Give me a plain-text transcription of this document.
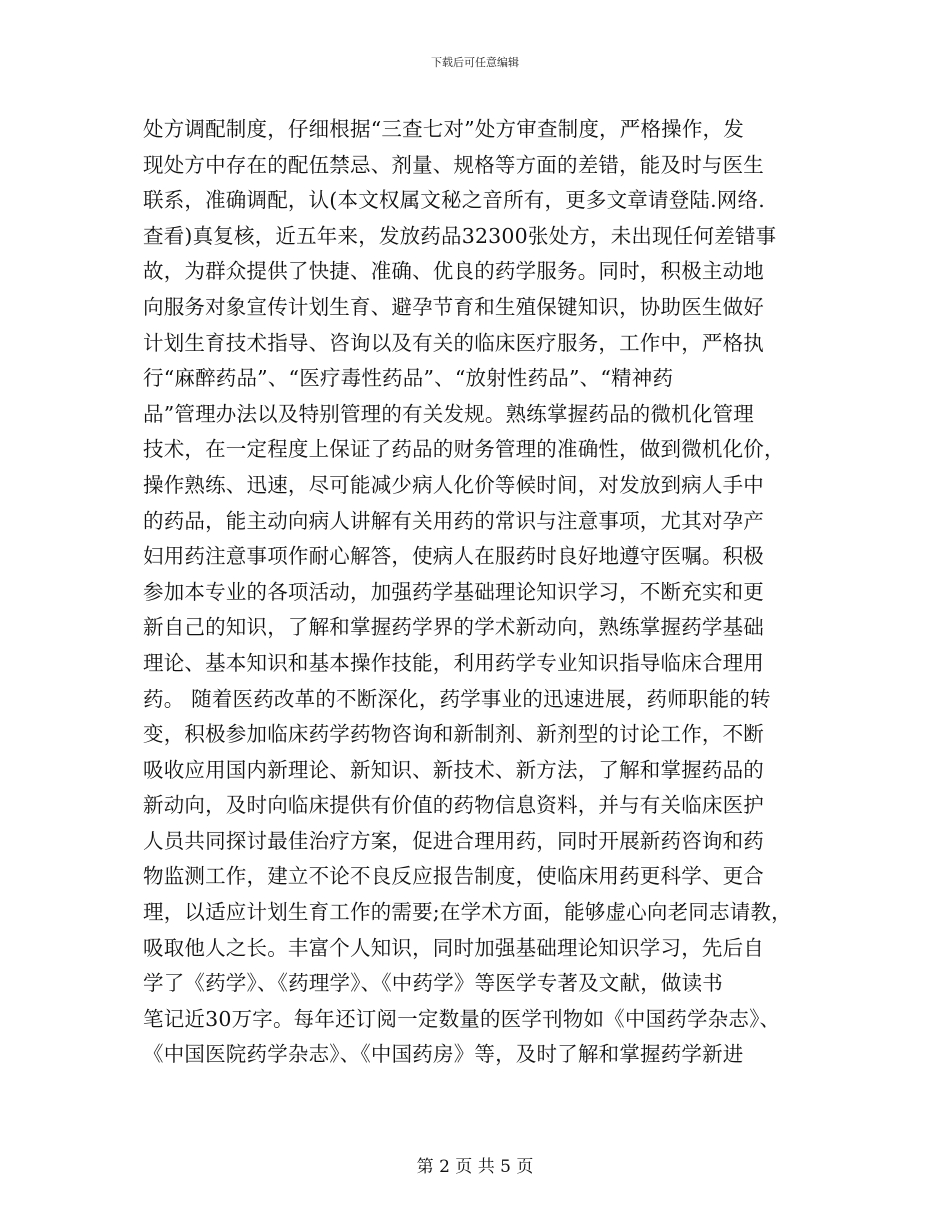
下载后可任意编辑
处方调配制度，仔细根据“三查七对”处方审查制度，严格操作，发
现处方中存在的配伍禁忌、剂量、规格等方面的差错，能及时与医生
联系，准确调配，认(本文权属文秘之音所有，更多文章请登陆.网络.
查看)真复核，近五年来，发放药品32300张处方，未出现任何差错事
故，为群众提供了快捷、准确、优良的药学服务。同时，积极主动地
向服务对象宣传计划生育、避孕节育和生殖保键知识，协助医生做好
计划生育技术指导、咨询以及有关的临床医疗服务，工作中，严格执
行“麻醉药品”、“医疗毒性药品”、“放射性药品”、“精神药
品”管理办法以及特别管理的有关发规。熟练掌握药品的微机化管理
技术，在一定程度上保证了药品的财务管理的准确性，做到微机化价，
操作熟练、迅速，尽可能减少病人化价等候时间，对发放到病人手中
的药品，能主动向病人讲解有关用药的常识与注意事项，尤其对孕产
妇用药注意事项作耐心解答，使病人在服药时良好地遵守医嘱。积极
参加本专业的各项活动，加强药学基础理论知识学习，不断充实和更
新自己的知识，了解和掌握药学界的学术新动向，熟练掌握药学基础
理论、基本知识和基本操作技能，利用药学专业知识指导临床合理用
药。 随着医药改革的不断深化，药学事业的迅速进展，药师职能的转
变，积极参加临床药学药物咨询和新制剂、新剂型的讨论工作，不断
吸收应用国内新理论、新知识、新技术、新方法，了解和掌握药品的
新动向，及时向临床提供有价值的药物信息资料，并与有关临床医护
人员共同探讨最佳治疗方案，促进合理用药，同时开展新药咨询和药
物监测工作，建立不论不良反应报告制度，使临床用药更科学、更合
理，以适应计划生育工作的需要;在学术方面，能够虚心向老同志请教，
吸取他人之长。丰富个人知识，同时加强基础理论知识学习，先后自
学了《药学》、《药理学》、《中药学》等医学专著及文献，做读书
笔记近30万字。每年还订阅一定数量的医学刊物如《中国药学杂志》、
《中国医院药学杂志》、《中国药房》等，及时了解和掌握药学新进
第 2 页 共 5 页
